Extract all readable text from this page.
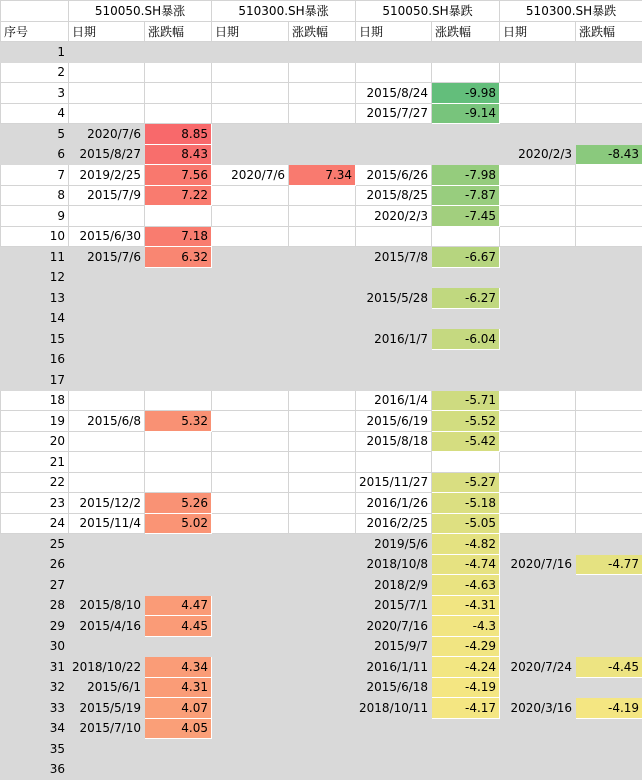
	510050.SH暴涨		510300.SH暴涨		510050.SH暴跌		510300.SH暴跌	
序号	日期	涨跌幅	日期	涨跌幅	日期	涨跌幅	日期	涨跌幅
1								
2								
3					2015/8/24	-9.98		
4					2015/7/27	-9.14		
5	2020/7/6	8.85						
6	2015/8/27	8.43					2020/2/3	-8.43
7	2019/2/25	7.56	2020/7/6	7.34	2015/6/26	-7.98		
8	2015/7/9	7.22			2015/8/25	-7.87		
9					2020/2/3	-7.45		
10	2015/6/30	7.18						
11	2015/7/6	6.32			2015/7/8	-6.67		
12								
13					2015/5/28	-6.27		
14								
15					2016/1/7	-6.04		
16								
17								
18					2016/1/4	-5.71		
19	2015/6/8	5.32			2015/6/19	-5.52		
20					2015/8/18	-5.42		
21								
22					2015/11/27	-5.27		
23	2015/12/2	5.26			2016/1/26	-5.18		
24	2015/11/4	5.02			2016/2/25	-5.05		
25					2019/5/6	-4.82		
26					2018/10/8	-4.74	2020/7/16	-4.77
27					2018/2/9	-4.63		
28	2015/8/10	4.47			2015/7/1	-4.31		
29	2015/4/16	4.45			2020/7/16	-4.3		
30					2015/9/7	-4.29		
31	2018/10/22	4.34			2016/1/11	-4.24	2020/7/24	-4.45
32	2015/6/1	4.31			2015/6/18	-4.19		
33	2015/5/19	4.07			2018/10/11	-4.17	2020/3/16	-4.19
34	2015/7/10	4.05						
35								
36								
